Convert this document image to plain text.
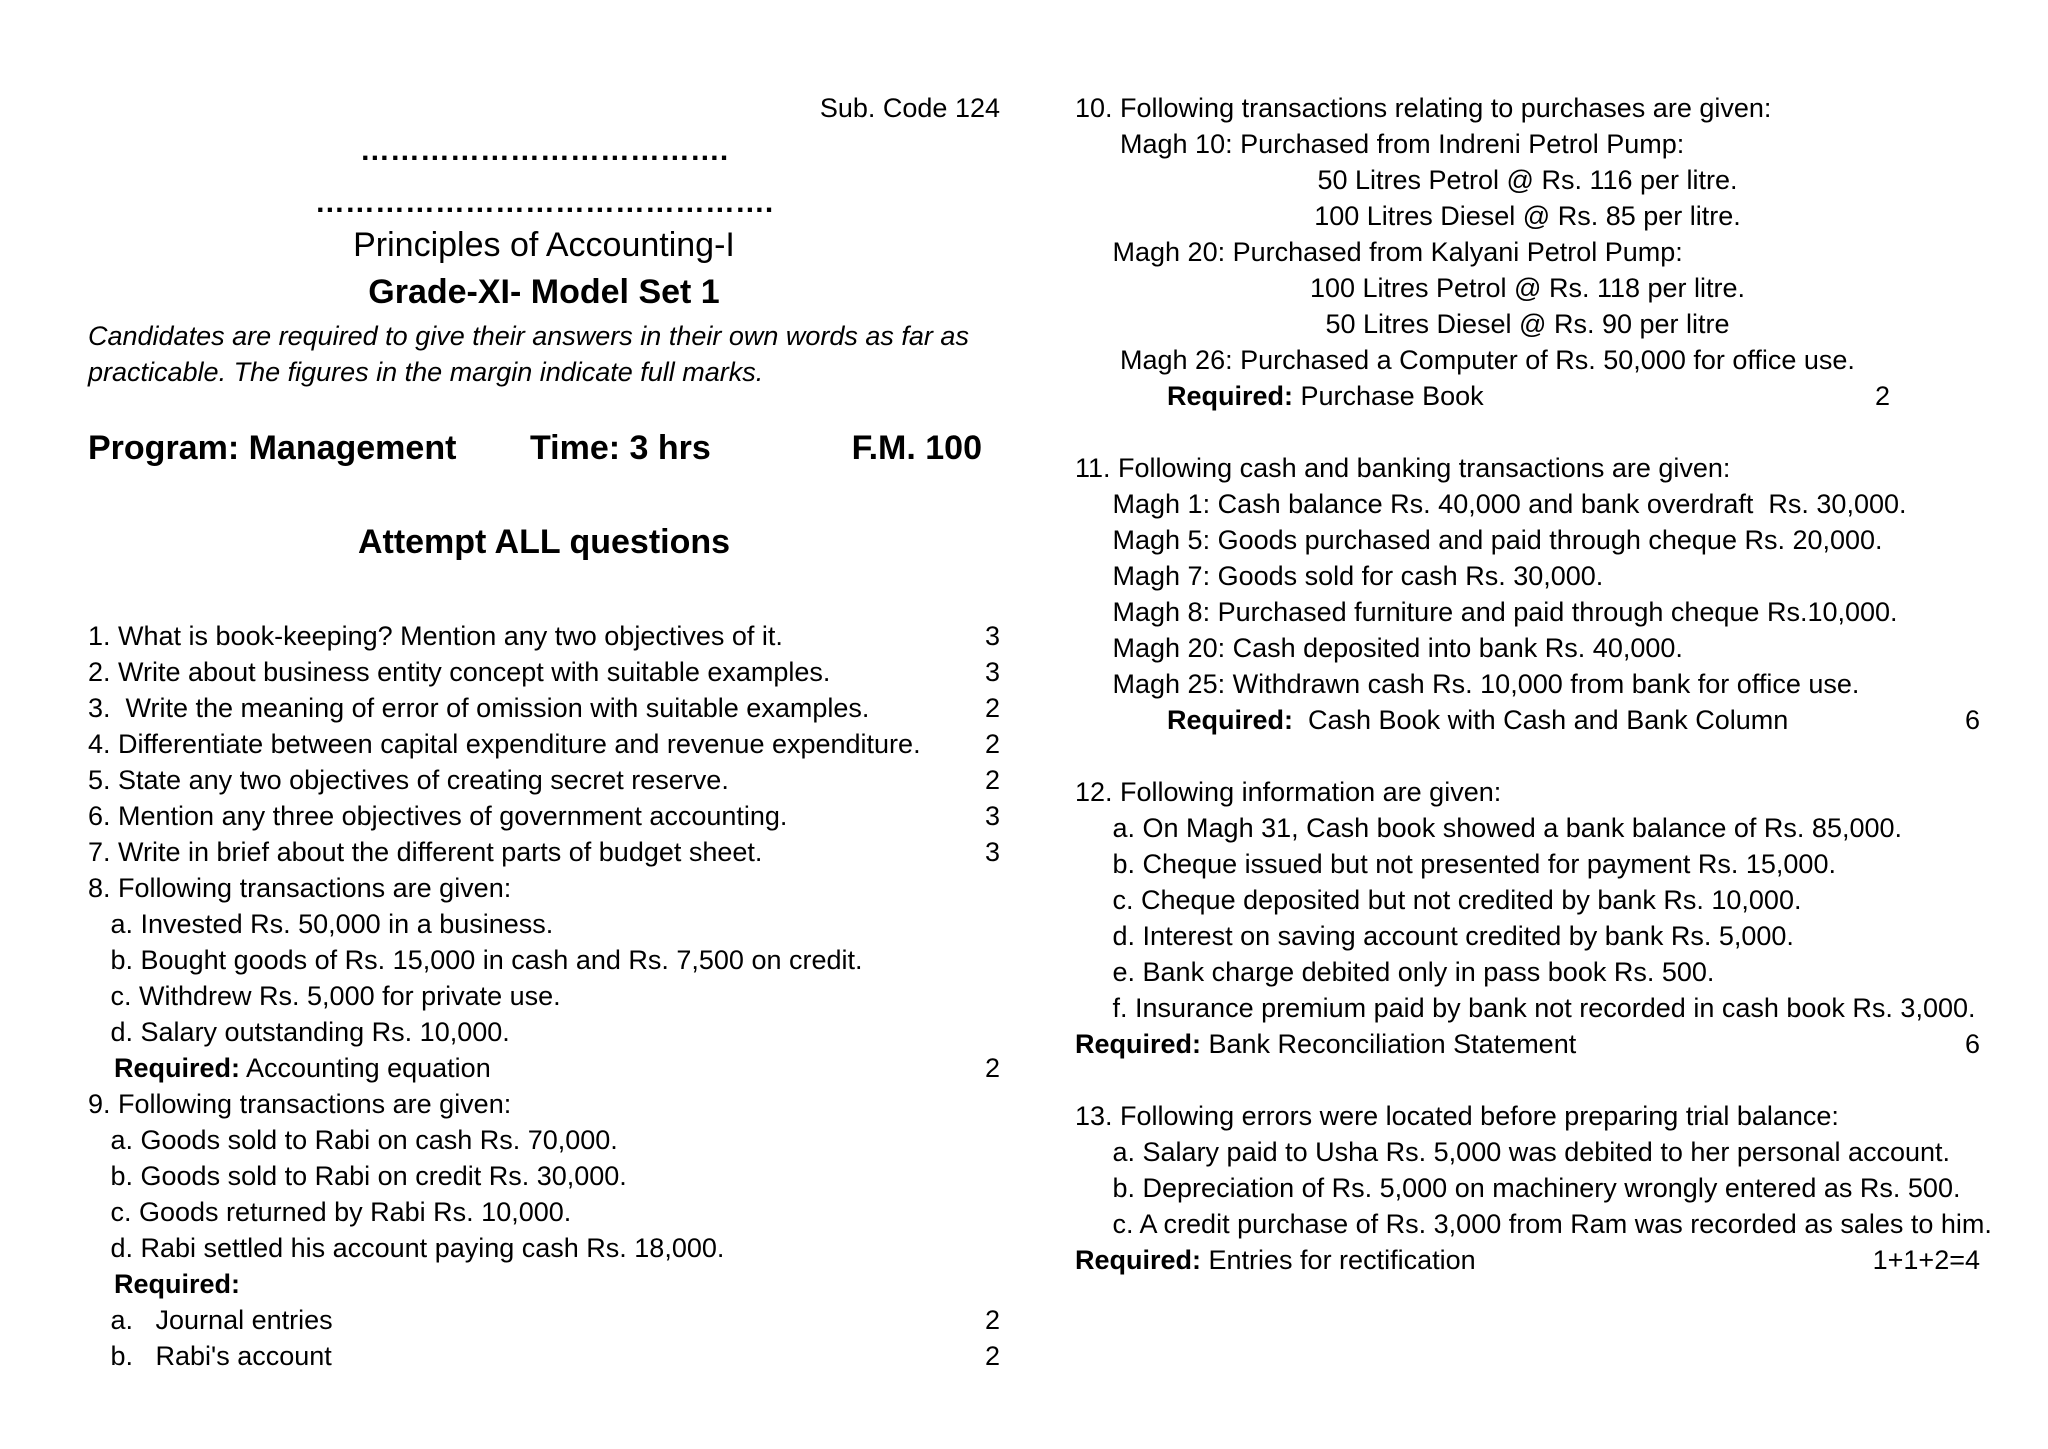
Sub. Code 124
……………………………….
……………………………………….
Principles of Accounting-I
Grade-XI- Model Set 1
Candidates are required to give their answers in their own words as far as
practicable. The figures in the margin indicate full marks.
Program: Management Time: 3 hrs	F.M. 100
Attempt ALL questions
1. What is book-keeping? Mention any two objectives of it.	3
2. Write about business entity concept with suitable examples.	3
3.  Write the meaning of error of omission with suitable examples.	2
4. Differentiate between capital expenditure and revenue expenditure. 2
5. State any two objectives of creating secret reserve.	2
6. Mention any three objectives of government accounting.	3
7. Write in brief about the different parts of budget sheet.	3
8. Following transactions are given:
a. Invested Rs. 50,000 in a business.
b. Bought goods of Rs. 15,000 in cash and Rs. 7,500 on credit.
c. Withdrew Rs. 5,000 for private use.
d. Salary outstanding Rs. 10,000.
Required: Accounting equation	2
9. Following transactions are given:
a. Goods sold to Rabi on cash Rs. 70,000.
b. Goods sold to Rabi on credit Rs. 30,000.
c. Goods returned by Rabi Rs. 10,000.
d. Rabi settled his account paying cash Rs. 18,000.
Required:
a.   Journal entries	2
b.   Rabi's account	2
10. Following transactions relating to purchases are given:
Magh 10: Purchased from Indreni Petrol Pump:
50 Litres Petrol @ Rs. 116 per litre.
100 Litres Diesel @ Rs. 85 per litre.
Magh 20: Purchased from Kalyani Petrol Pump:
100 Litres Petrol @ Rs. 118 per litre.
50 Litres Diesel @ Rs. 90 per litre
Magh 26: Purchased a Computer of Rs. 50,000 for office use.
Required: Purchase Book	2
11. Following cash and banking transactions are given:
Magh 1: Cash balance Rs. 40,000 and bank overdraft  Rs. 30,000.
Magh 5: Goods purchased and paid through cheque Rs. 20,000.
Magh 7: Goods sold for cash Rs. 30,000.
Magh 8: Purchased furniture and paid through cheque Rs.10,000.
Magh 20: Cash deposited into bank Rs. 40,000.
Magh 25: Withdrawn cash Rs. 10,000 from bank for office use.
Required:  Cash Book with Cash and Bank Column	6
12. Following information are given:
a. On Magh 31, Cash book showed a bank balance of Rs. 85,000.
b. Cheque issued but not presented for payment Rs. 15,000.
c. Cheque deposited but not credited by bank Rs. 10,000.
d. Interest on saving account credited by bank Rs. 5,000.
e. Bank charge debited only in pass book Rs. 500.
f. Insurance premium paid by bank not recorded in cash book Rs. 3,000.
Required: Bank Reconciliation Statement	6
13. Following errors were located before preparing trial balance:
a. Salary paid to Usha Rs. 5,000 was debited to her personal account.
b. Depreciation of Rs. 5,000 on machinery wrongly entered as Rs. 500.
c. A credit purchase of Rs. 3,000 from Ram was recorded as sales to him.
Required: Entries for rectification	1+1+2=4
